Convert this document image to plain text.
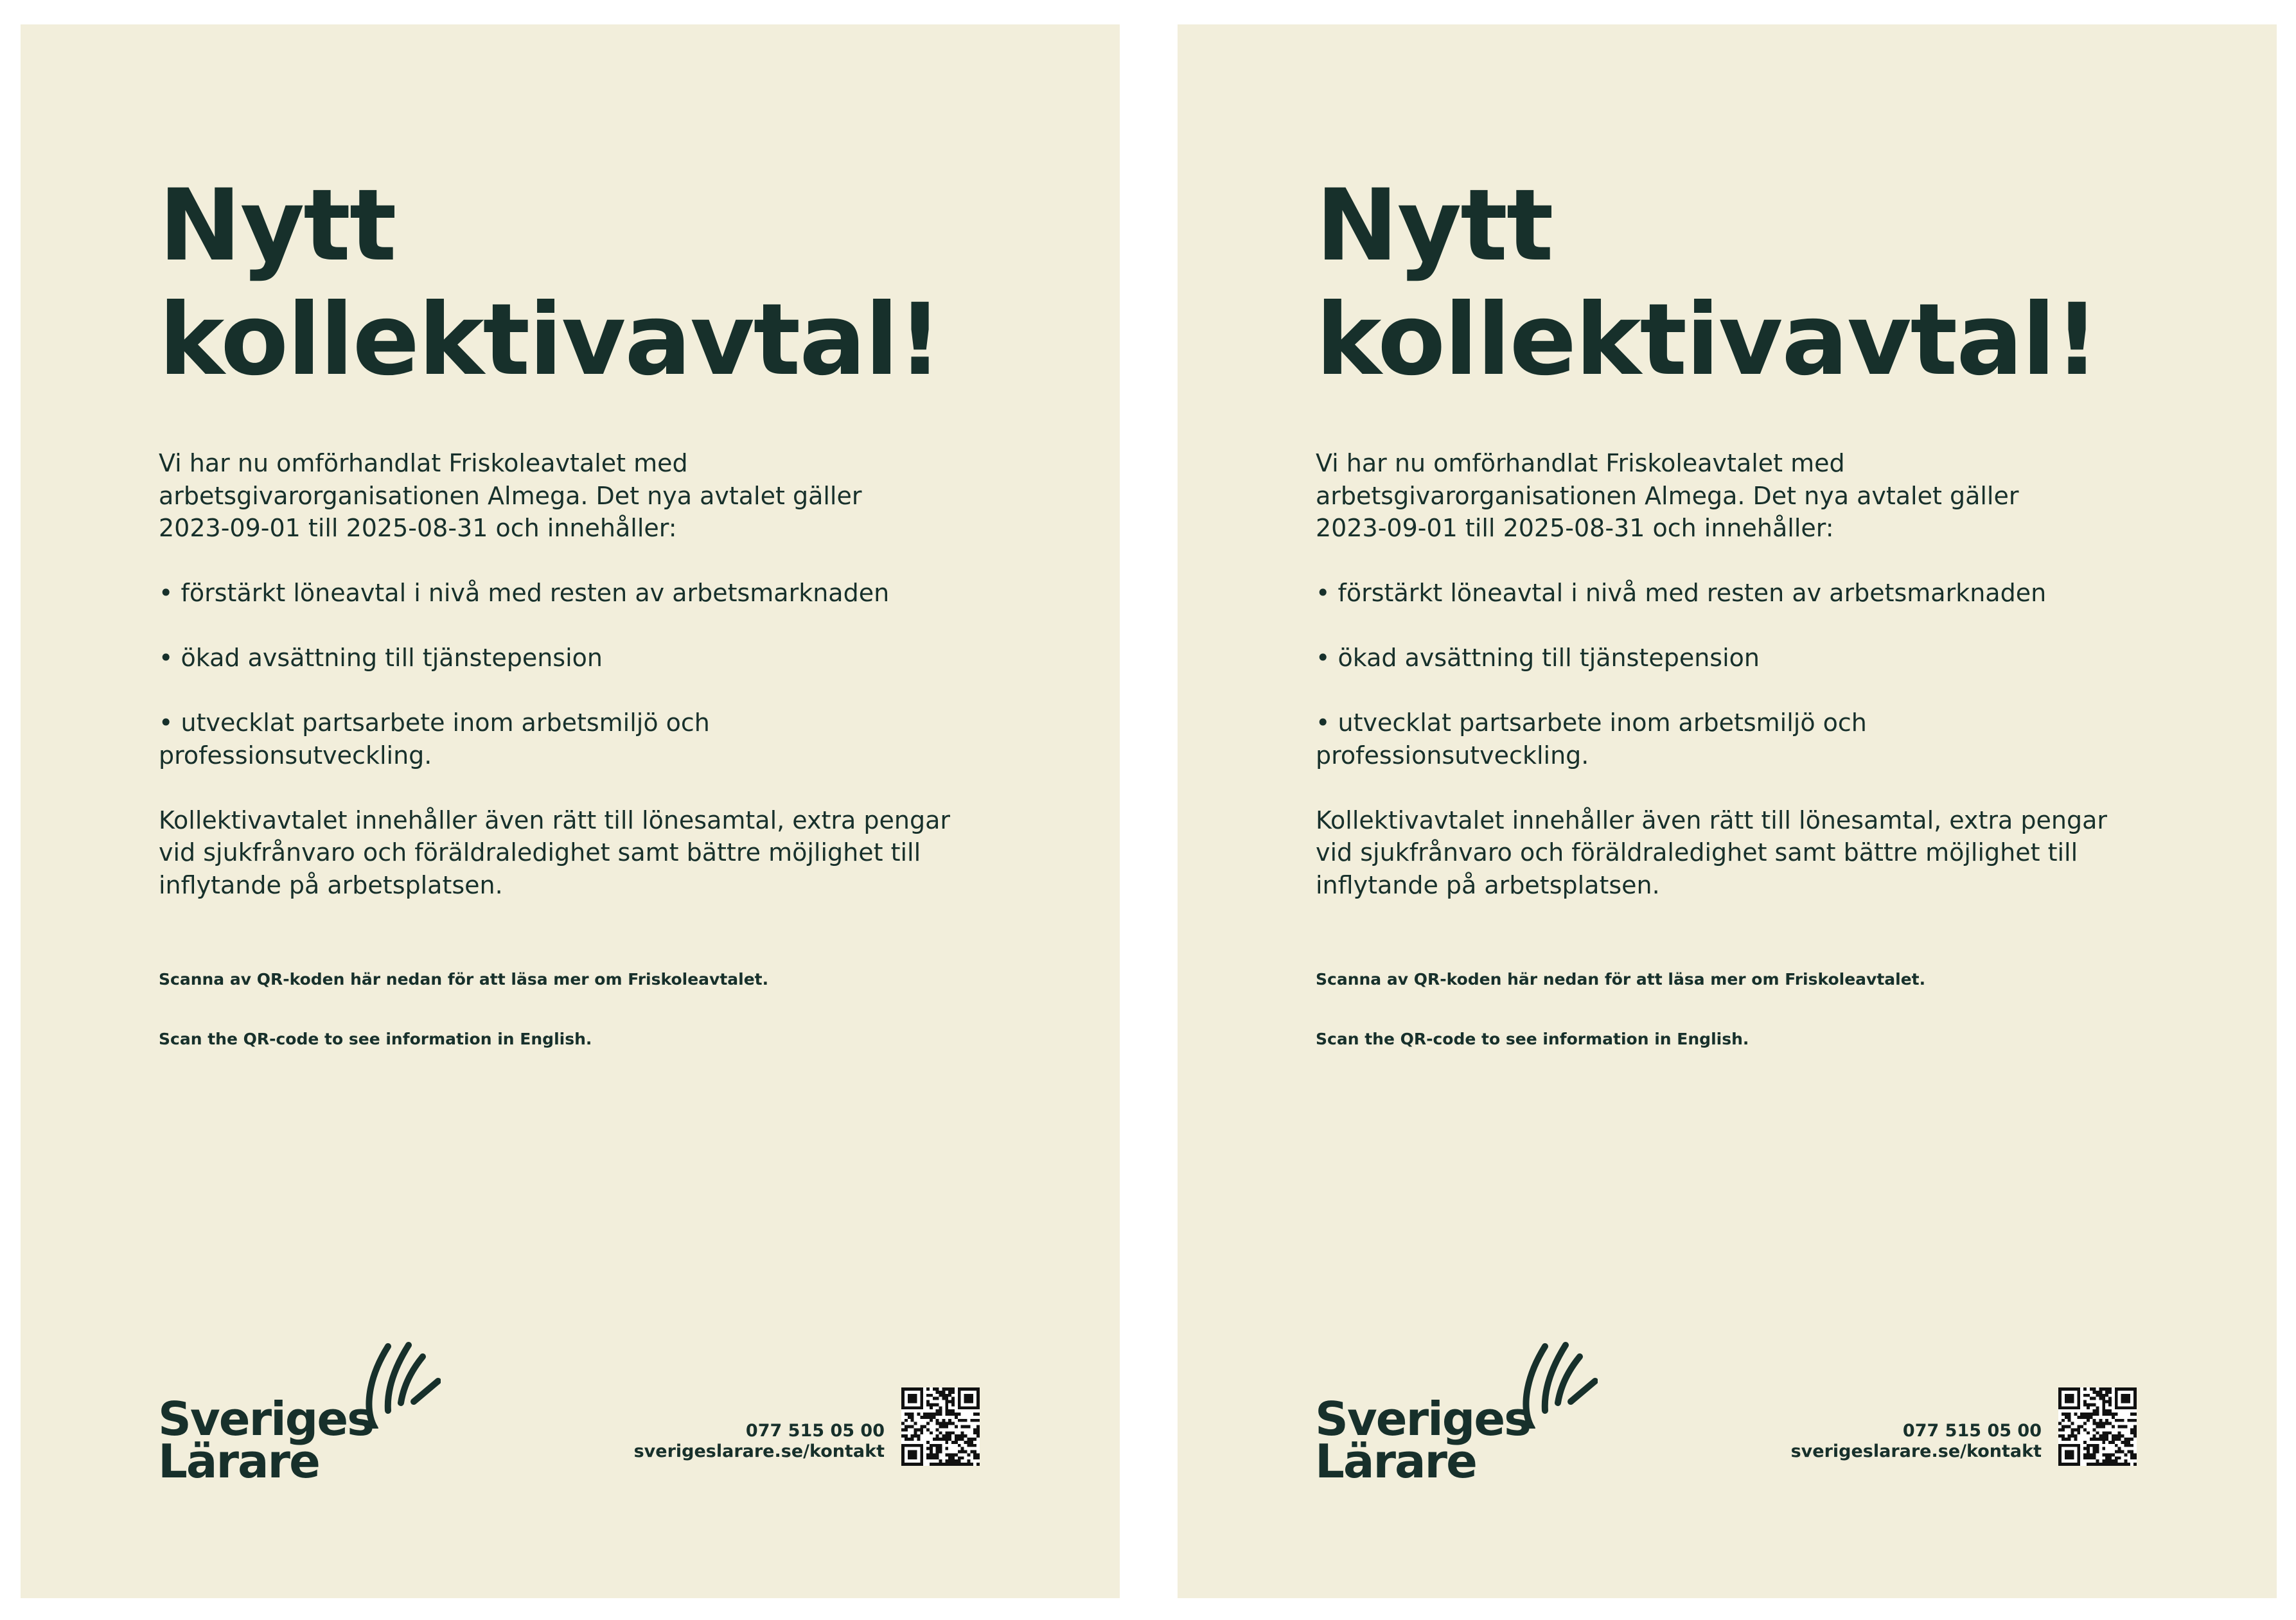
Nytt
kollektivavtal!

Vi har nu omförhandlat Friskoleavtalet med

arbetsgivarorganisationen Almega. Det nya avtalet gäller

2023-09-01 till 2025-08-31 och innehåller:

• förstärkt löneavtal i nivå med resten av arbetsmarknaden

• ökad avsättning till tjänstepension

• utvecklat partsarbete inom arbetsmiljö och

professionsutveckling.

Kollektivavtalet innehåller även rätt till lönesamtal, extra pengar

vid sjukfrånvaro och föräldraledighet samt bättre möjlighet till

inflytande på arbetsplatsen.

Scanna av QR-koden här nedan för att läsa mer om Friskoleavtalet.
Scan the QR-code to see information in English.
Sveriges
Lärare
077 515 05 00
sverigeslarare.se/kontakt
Nytt
kollektivavtal!

Vi har nu omförhandlat Friskoleavtalet med

arbetsgivarorganisationen Almega. Det nya avtalet gäller

2023-09-01 till 2025-08-31 och innehåller:

• förstärkt löneavtal i nivå med resten av arbetsmarknaden

• ökad avsättning till tjänstepension

• utvecklat partsarbete inom arbetsmiljö och

professionsutveckling.

Kollektivavtalet innehåller även rätt till lönesamtal, extra pengar

vid sjukfrånvaro och föräldraledighet samt bättre möjlighet till

inflytande på arbetsplatsen.

Scanna av QR-koden här nedan för att läsa mer om Friskoleavtalet.
Scan the QR-code to see information in English.
Sveriges
Lärare
077 515 05 00
sverigeslarare.se/kontakt
